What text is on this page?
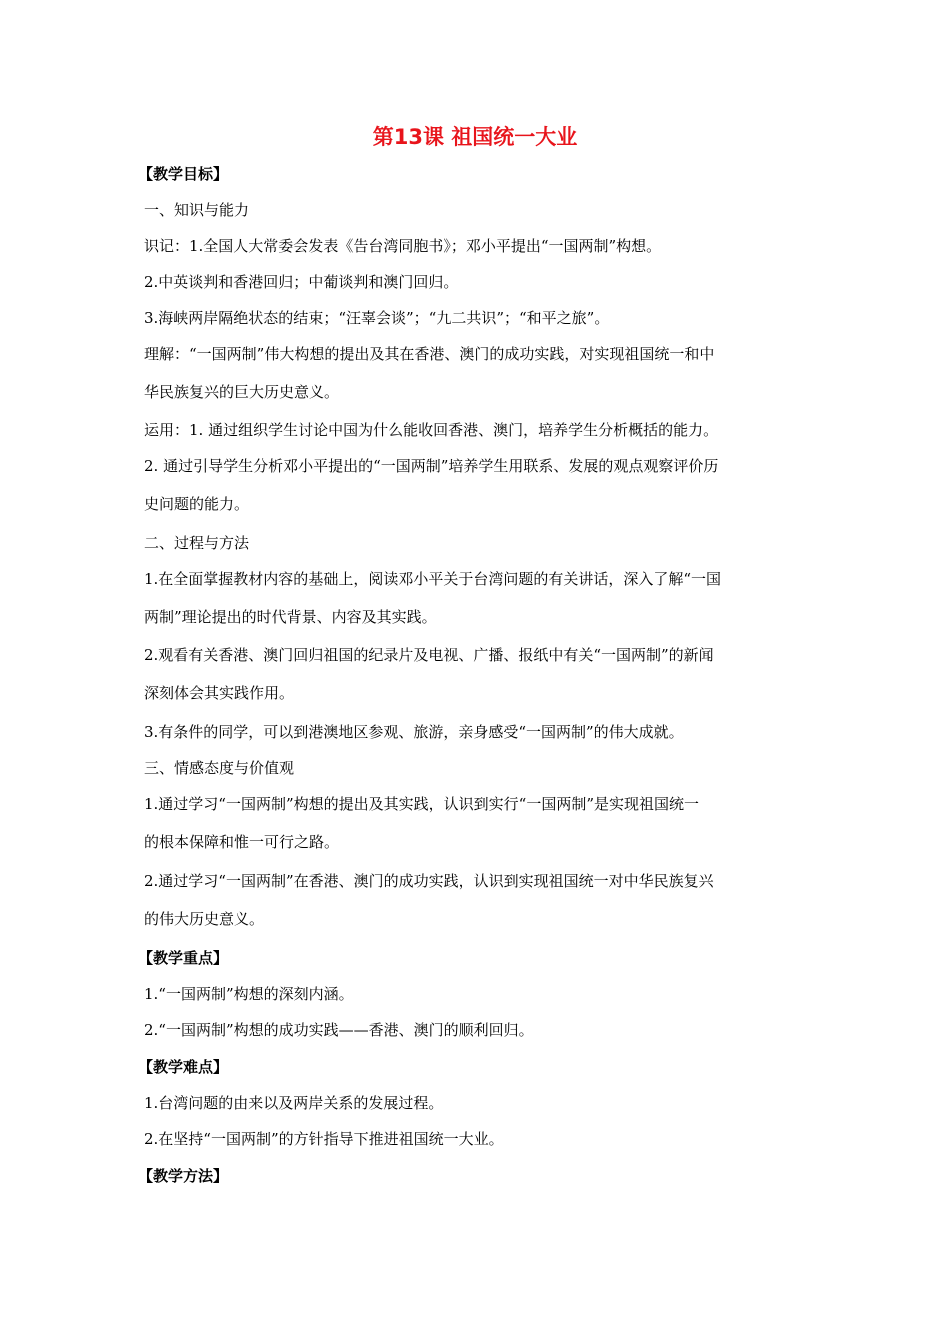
第13课 祖国统一大业
【教学目标】
一、知识与能力
识记：1.全国人大常委会发表《告台湾同胞书》；邓小平提出“一国两制”构想。
2.中英谈判和香港回归；中葡谈判和澳门回归。
3.海峡两岸隔绝状态的结束；“汪辜会谈”；“九二共识”；“和平之旅”。
理解：“一国两制”伟大构想的提出及其在香港、澳门的成功实践，对实现祖国统一和中
华民族复兴的巨大历史意义。
运用：1. 通过组织学生讨论中国为什么能收回香港、澳门，培养学生分析概括的能力。
2. 通过引导学生分析邓小平提出的“一国两制”培养学生用联系、发展的观点观察评价历
史问题的能力。
二、过程与方法
1.在全面掌握教材内容的基础上，阅读邓小平关于台湾问题的有关讲话，深入了解“一国
两制”理论提出的时代背景、内容及其实践。
2.观看有关香港、澳门回归祖国的纪录片及电视、广播、报纸中有关“一国两制”的新闻
深刻体会其实践作用。
3.有条件的同学，可以到港澳地区参观、旅游，亲身感受“一国两制”的伟大成就。
三、情感态度与价值观
1.通过学习“一国两制”构想的提出及其实践，认识到实行“一国两制”是实现祖国统一
的根本保障和惟一可行之路。
2.通过学习“一国两制”在香港、澳门的成功实践，认识到实现祖国统一对中华民族复兴
的伟大历史意义。
【教学重点】
1.“一国两制”构想的深刻内涵。
2.“一国两制”构想的成功实践——香港、澳门的顺利回归。
【教学难点】
1.台湾问题的由来以及两岸关系的发展过程。
2.在坚持“一国两制”的方针指导下推进祖国统一大业。
【教学方法】
